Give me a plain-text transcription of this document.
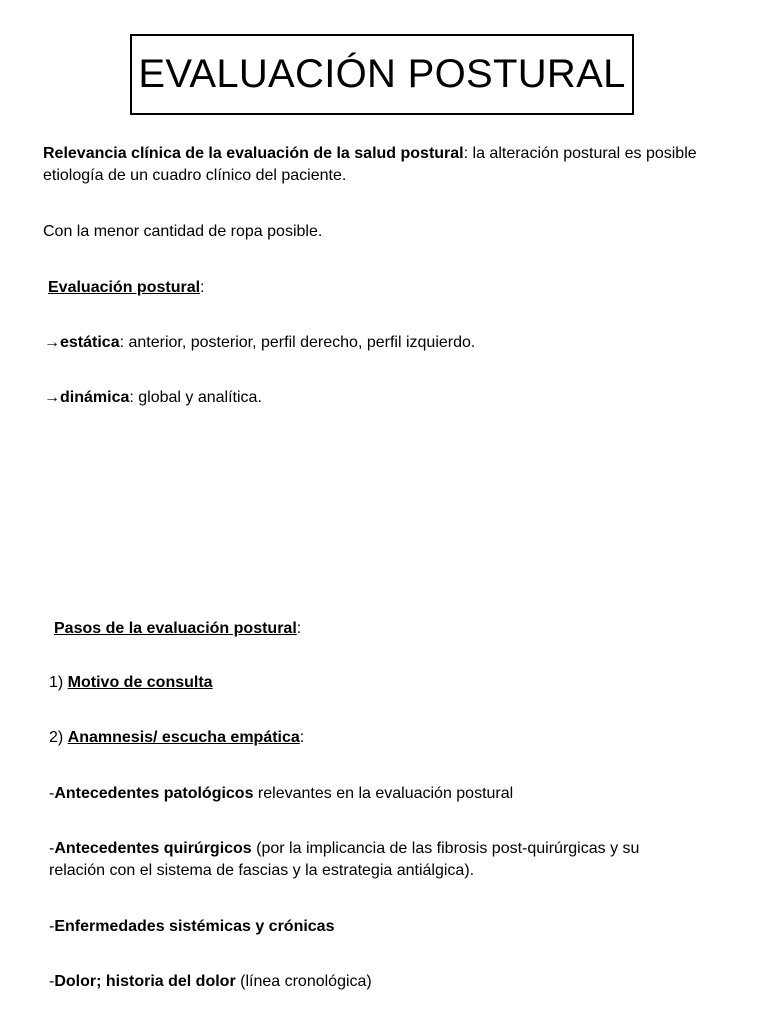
EVALUACIÓN POSTURAL

Relevancia clínica de la evaluación de la salud postural: la alteración postural es posible
etiología de un cuadro clínico del paciente.

Con la menor cantidad de ropa posible.

Evaluación postural:

→estática: anterior, posterior, perfil derecho, perfil izquierdo.

→dinámica: global y analítica.

Pasos de la evaluación postural:

1) Motivo de consulta

2) Anamnesis/ escucha empática:

-Antecedentes patológicos relevantes en la evaluación postural

-Antecedentes quirúrgicos (por la implicancia de las fibrosis post-quirúrgicas y su
relación con el sistema de fascias y la estrategia antiálgica).

-Enfermedades sistémicas y crónicas

-Dolor; historia del dolor (línea cronológica)
